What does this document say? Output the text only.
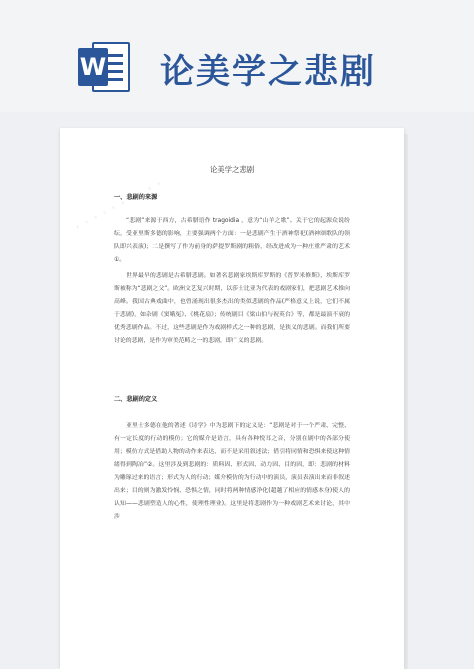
W 论美学之悲剧
论美学之悲剧
一、悲剧的来源
“悲剧”来源于西方，古希腊语作 tragoidia ，意为“山羊之歌”。关于它的起源众说纷纭，受亚里斯多德的影响，主要强调两个方面：一是悲剧产生于酒神祭祀(酒神颂歌队的领队即兴表演)；二是撰写了作为前身的萨提罗斯剧的粗俗，经改进成为一种庄重严肃的艺术①。
世界最早的悲剧是古希腊悲剧。如著名悲剧家埃斯库罗斯的《普罗米修斯》，埃斯库罗斯被称为“悲剧之父”。欧洲文艺复兴时期，以莎士比亚为代表的戏剧家们，把悲剧艺术推向高峰。我国古典戏曲中，也曾涌现出很多杰出的类似悲剧的作品(严格意义上说，它们不属于悲剧)，如杂剧《窦娥冤》、《桃花扇》；传统剧目《梁山伯与祝英台》等，都是最演不衰的优秀悲剧作品。不过，这些悲剧是作为戏剧样式之一种的悲剧，是狭义的悲剧。而我们所要讨论的悲剧，是作为审美范畴之一的悲剧，即广义的悲剧。
二、悲剧的定义
亚里士多德在他的著述《诗学》中为悲剧下的定义是：“悲剧是对于一个严肃、完整、有一定长度的行动的模仿；它的媒介是语言，具有各种悦耳之音，分别在剧中的各部分使用；模仿方式是借助人物的动作来表达，而不是采用叙述法；借引将同情和恐惧来使这种情绪得到陶冶”②。这里涉及到悲剧的：质料因、形式因、动力因、目的因，即：悲剧的材料为雕琢过来的语言；形式为人的行动；媒介模仿的为行动中的演员，演员表演出来而非叙述出来；目的则为激发怜悯、恐惧之情，同时将两种情感净化(超越了相应的情感本身)使人的认知——悲剧塑造人的心性，使理性理业)。这里是将悲剧作为一种戏剧艺术来讨论，其中涉
